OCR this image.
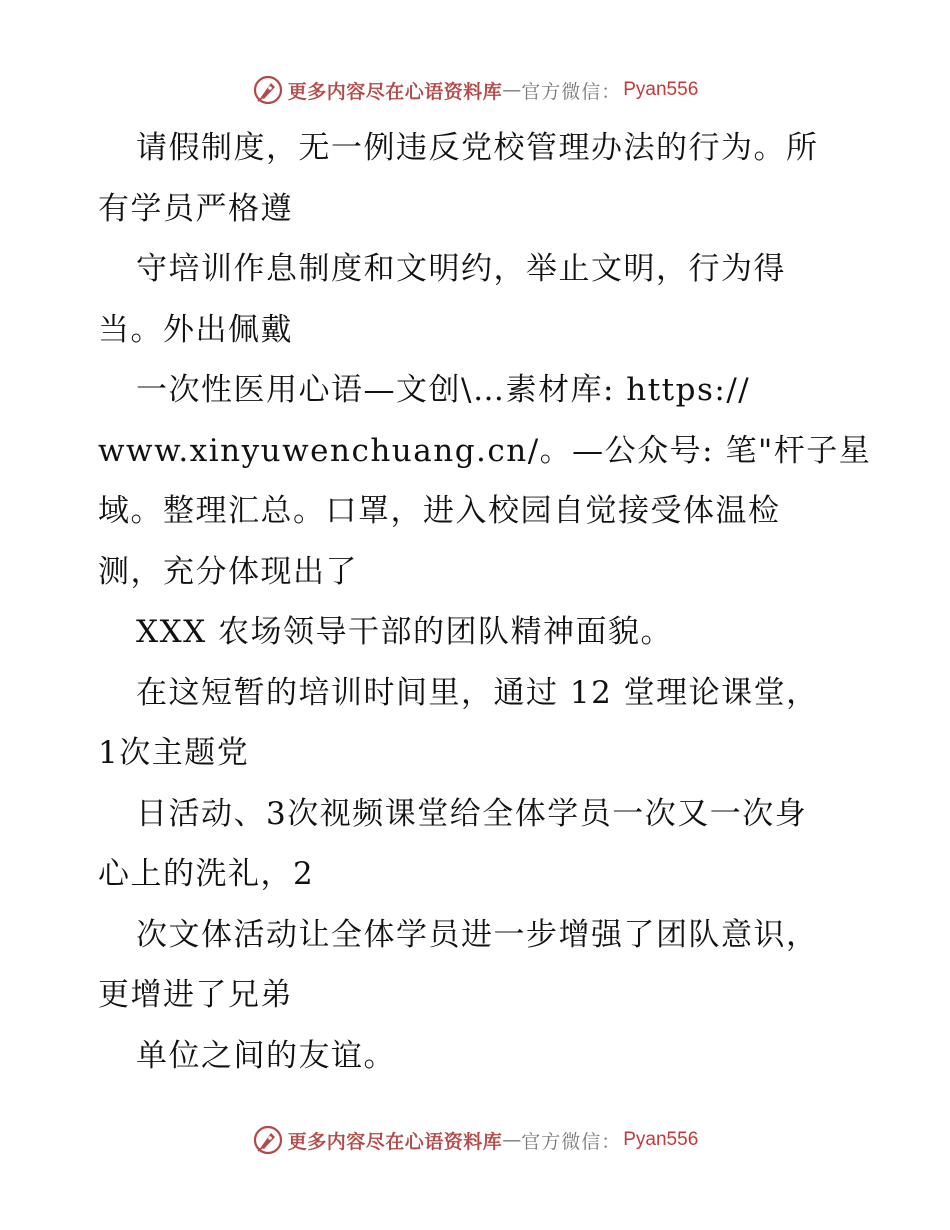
更多内容尽在心语资料库 — 官方微信： Pyan556
请假制度，无一例违反党校管理办法的行为。所
有学员严格遵
守培训作息制度和文明约，举止文明，行为得
当。外出佩戴
一次性医用心语—文创\…素材库: https://
www.xinyuwenchuang.cn/。—公众号: 笔"杆子星
域。整理汇总。口罩，进入校园自觉接受体温检
测，充分体现出了
XXX 农场领导干部的团队精神面貌。
在这短暂的培训时间里，通过 12 堂理论课堂，
1次主题党
日活动、3次视频课堂给全体学员一次又一次身
心上的洗礼，2
次文体活动让全体学员进一步增强了团队意识，
更增进了兄弟
单位之间的友谊。
更多内容尽在心语资料库 — 官方微信： Pyan556
